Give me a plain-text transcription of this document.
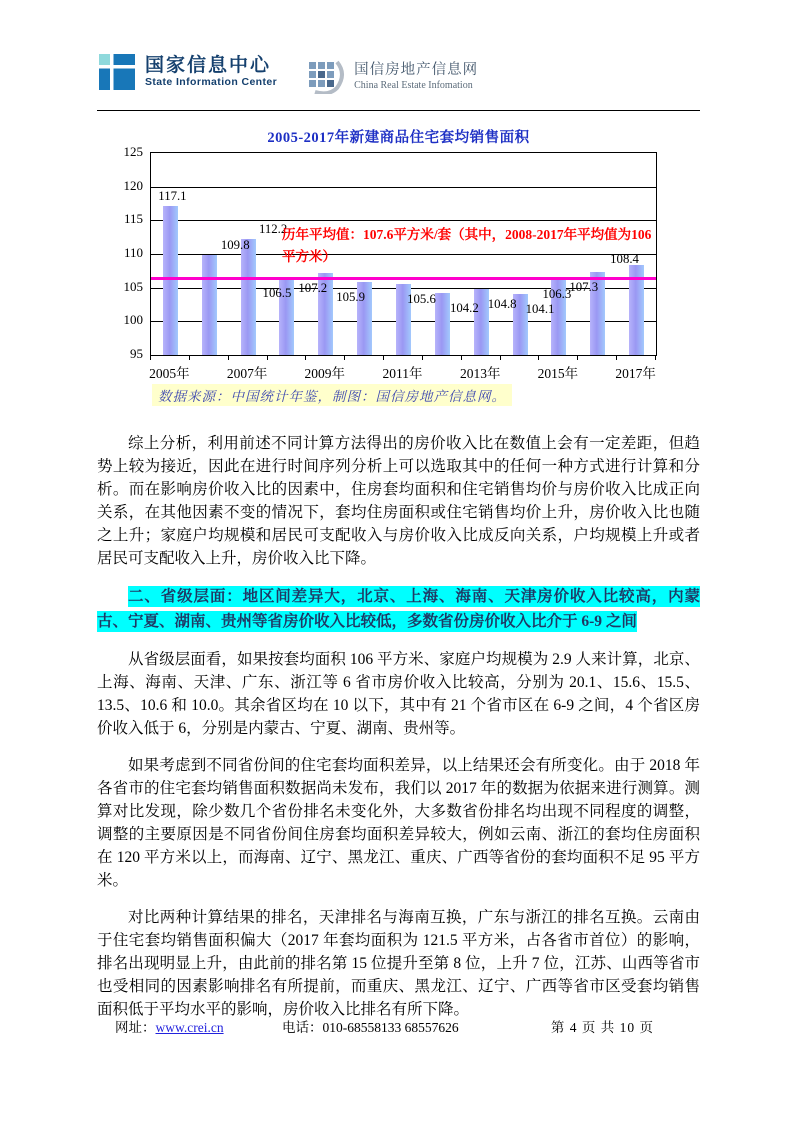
国家信息中心
State Information Center
国信房地产信息网
China Real Estate Infomation
2005-2017年新建商品住宅套均销售面积
历年平均值：107.6平方米/套（其中，2008-2017年平均值为106平方米）
117.1
109.8
112.2
106.5 107.2
105.9	105.6
104.2 104.8 104.1
106.3
107.3
108.4
95
100
105
110
115
120
125
2005年	2007年	2009年	2011年	2013年	2015年	2017年
数据来源：中国统计年鉴，制图：国信房地产信息网。

综上分析，利用前述不同计算方法得出的房价收入比在数值上会有一定差距，但趋势上较为接近，因此在进行时间序列分析上可以选取其中的任何一种方式进行计算和分析。而在影响房价收入比的因素中，住房套均面积和住宅销售均价与房价收入比成正向关系，在其他因素不变的情况下，套均住房面积或住宅销售均价上升，房价收入比也随之上升；家庭户均规模和居民可支配收入与房价收入比成反向关系，户均规模上升或者居民可支配收入上升，房价收入比下降。

二、省级层面：地区间差异大，北京、上海、海南、天津房价收入比较高，内蒙古、宁夏、湖南、贵州等省房价收入比较低，多数省份房价收入比介于 6-9 之间

从省级层面看，如果按套均面积 106 平方米、家庭户均规模为 2.9 人来计算，北京、上海、海南、天津、广东、浙江等 6 省市房价收入比较高，分别为 20.1、15.6、15.5、13.5、10.6 和 10.0。其余省区均在 10 以下，其中有 21 个省市区在 6-9 之间，4 个省区房价收入低于 6，分别是内蒙古、宁夏、湖南、贵州等。

如果考虑到不同省份间的住宅套均面积差异，以上结果还会有所变化。由于 2018 年各省市的住宅套均销售面积数据尚未发布，我们以 2017 年的数据为依据来进行测算。测算对比发现，除少数几个省份排名未变化外，大多数省份排名均出现不同程度的调整，调整的主要原因是不同省份间住房套均面积差异较大，例如云南、浙江的套均住房面积在 120 平方米以上，而海南、辽宁、黑龙江、重庆、广西等省份的套均面积不足 95 平方米。

对比两种计算结果的排名，天津排名与海南互换，广东与浙江的排名互换。云南由于住宅套均销售面积偏大（2017 年套均面积为 121.5 平方米，占各省市首位）的影响，排名出现明显上升，由此前的排名第 15 位提升至第 8 位，上升 7 位，江苏、山西等省市也受相同的因素影响排名有所提前，而重庆、黑龙江、辽宁、广西等省市区受套均销售面积低于平均水平的影响，房价收入比排名有所下降。

网址：www.crei.cn	电话：010-68558133 68557626	第 4 页 共 10 页
